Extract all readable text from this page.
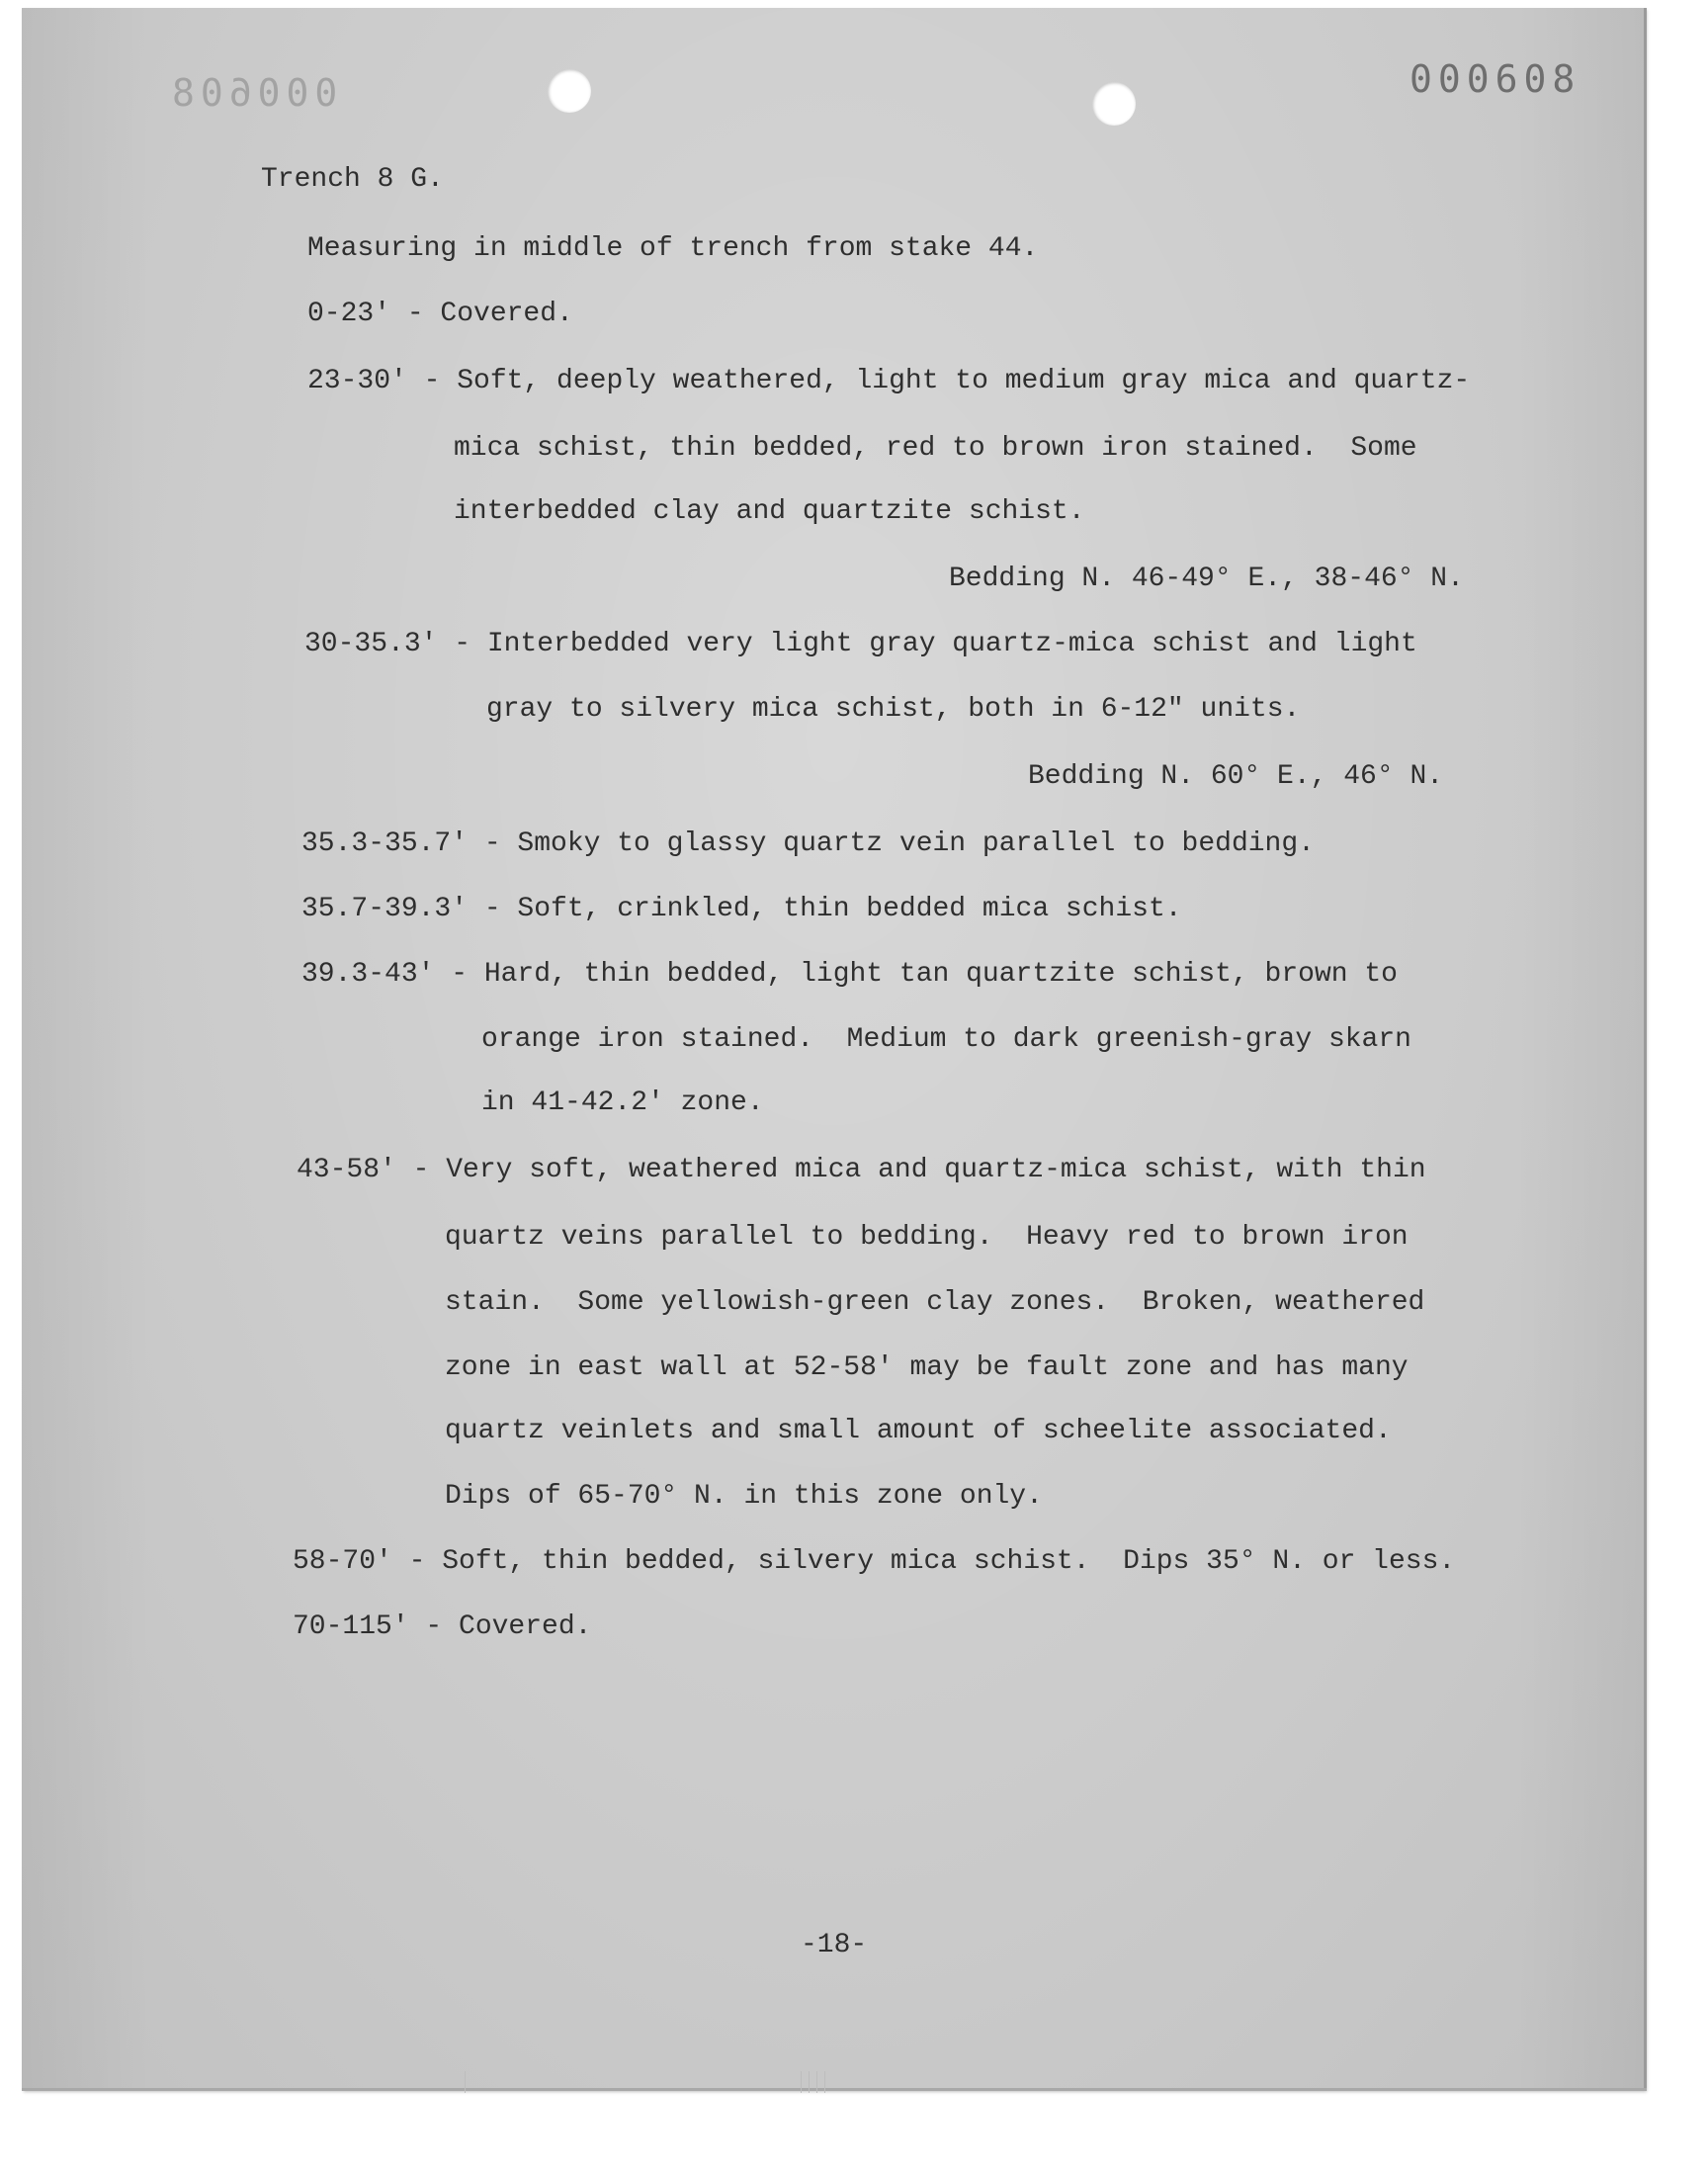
000608	000608
Trench 8 G.
Measuring in middle of trench from stake 44.
0-23' - Covered.
23-30' - Soft, deeply weathered, light to medium gray mica and quartz-
mica schist, thin bedded, red to brown iron stained.  Some
interbedded clay and quartzite schist.
Bedding N. 46-49° E., 38-46° N.
30-35.3' - Interbedded very light gray quartz-mica schist and light
gray to silvery mica schist, both in 6-12" units.
Bedding N. 60° E., 46° N.
35.3-35.7' - Smoky to glassy quartz vein parallel to bedding.
35.7-39.3' - Soft, crinkled, thin bedded mica schist.
39.3-43' - Hard, thin bedded, light tan quartzite schist, brown to
orange iron stained.  Medium to dark greenish-gray skarn
in 41-42.2' zone.
43-58' - Very soft, weathered mica and quartz-mica schist, with thin
quartz veins parallel to bedding.  Heavy red to brown iron
stain.  Some yellowish-green clay zones.  Broken, weathered
zone in east wall at 52-58' may be fault zone and has many
quartz veinlets and small amount of scheelite associated.
Dips of 65-70° N. in this zone only.
58-70' - Soft, thin bedded, silvery mica schist.  Dips 35° N. or less.
70-115' - Covered.
-18-
